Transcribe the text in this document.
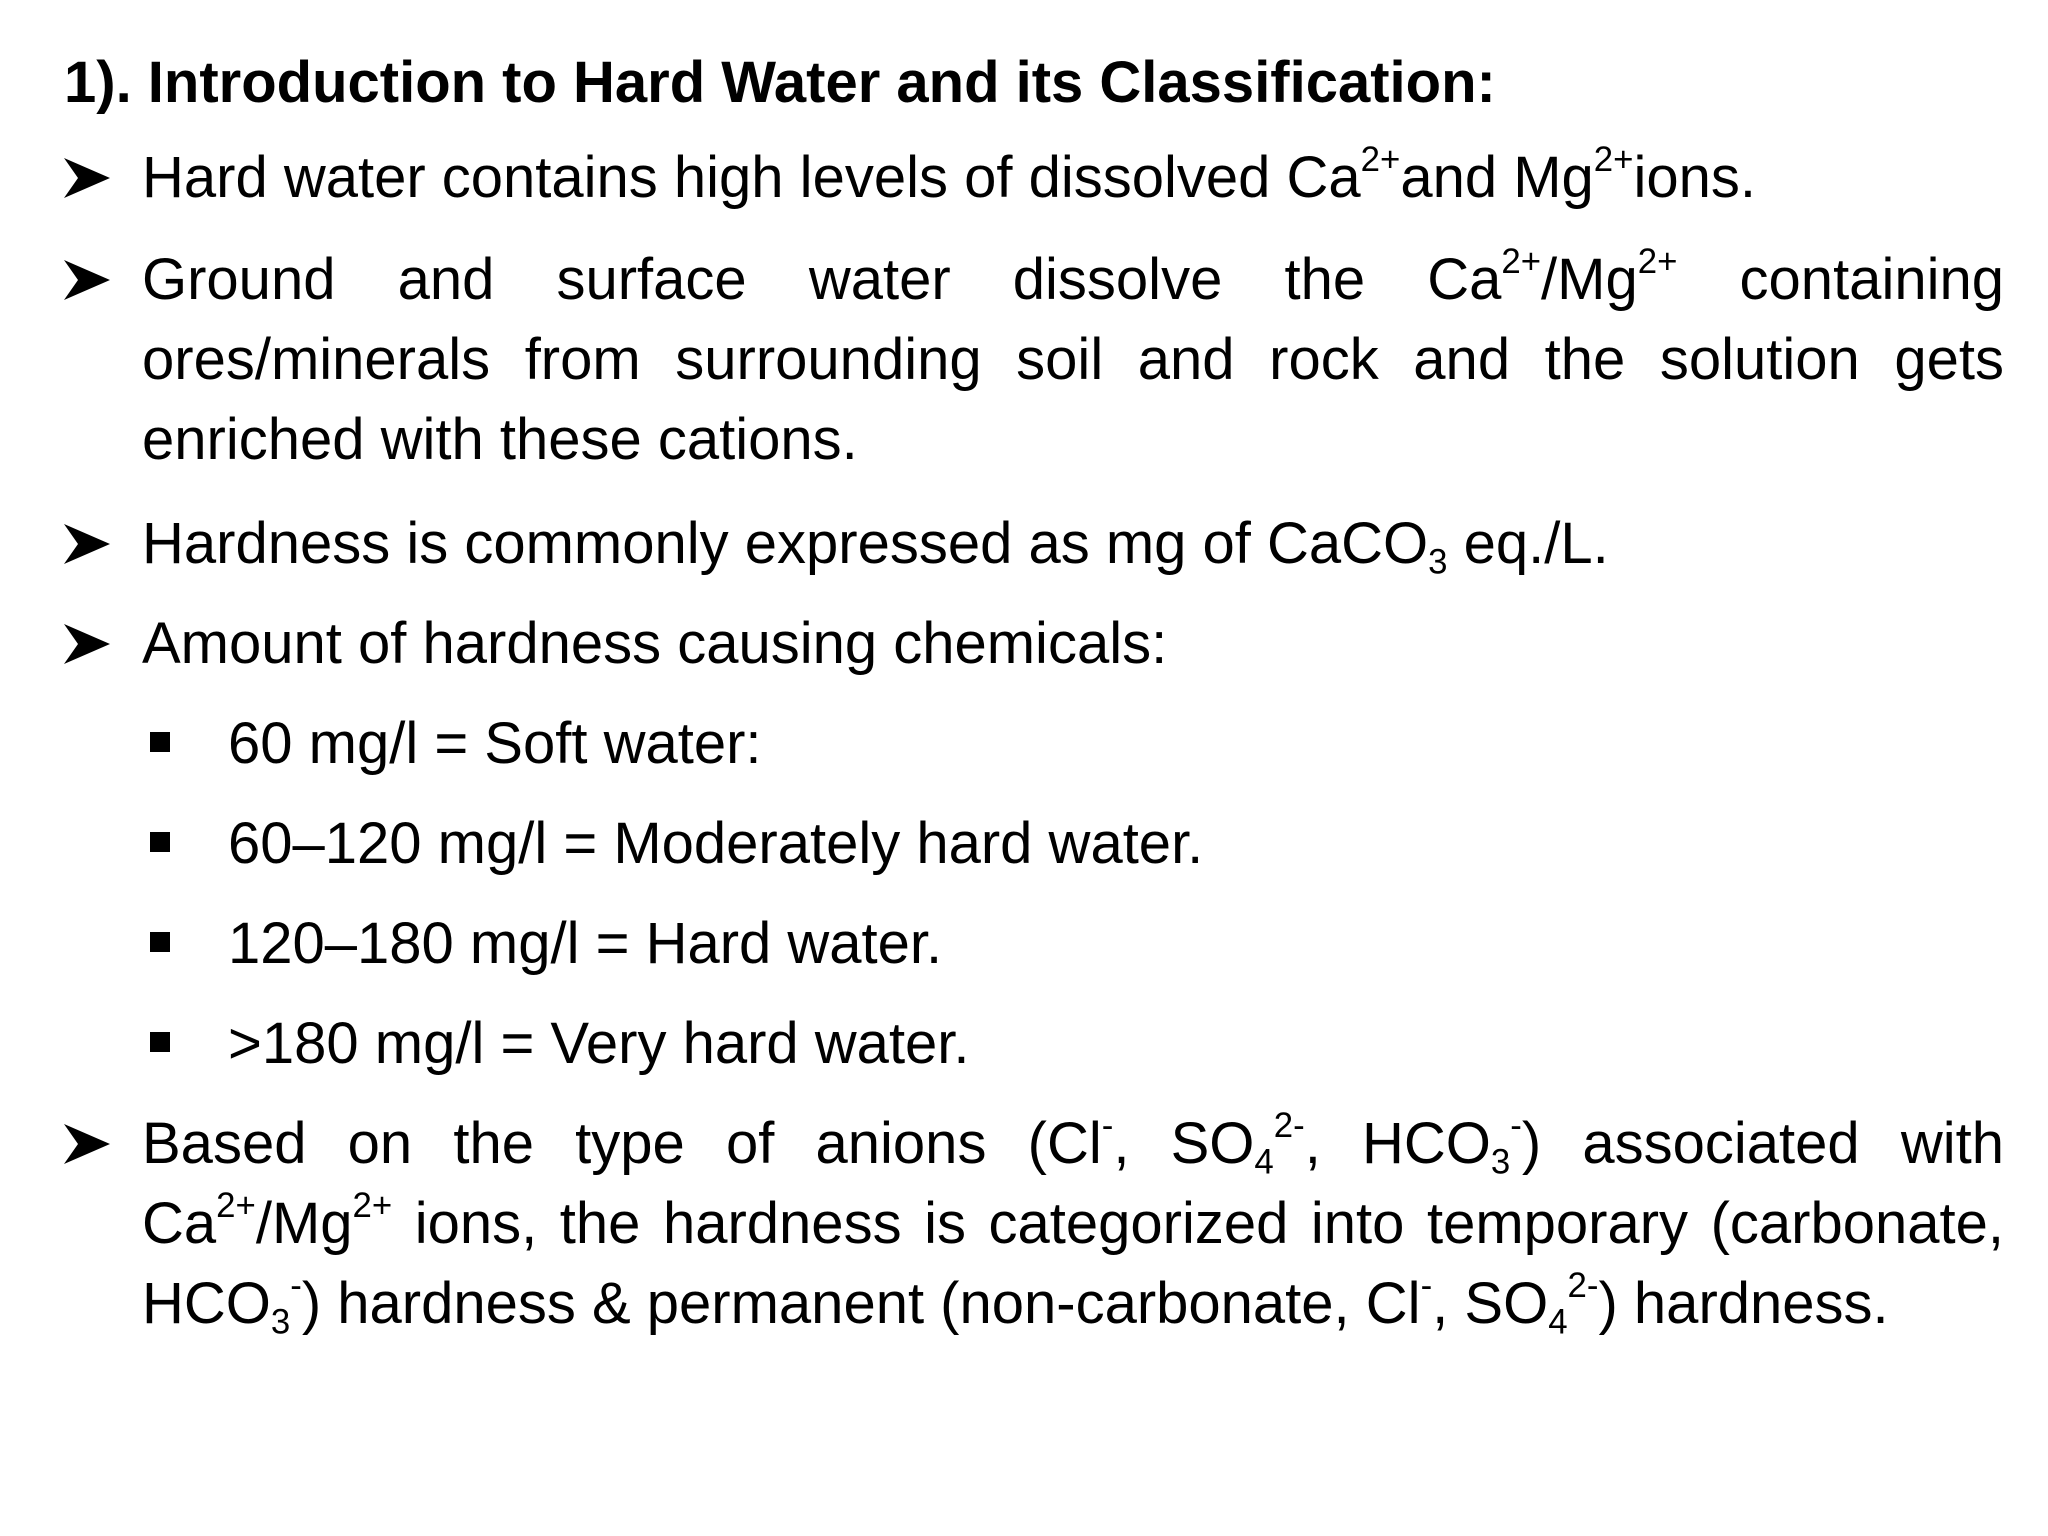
1). Introduction to Hard Water and its Classification:
Hard water contains high levels of dissolved $Ca^{2+}and$ $Mg^{2+}ions$.
Ground and surface water dissolve the $Ca^{2+}/Mg^{2+}$ containing ores/minerals from surrounding soil and rock and the solution gets enriched with these cations.
Hardness is commonly expressed as mg of CaCO$_3$ eq./L.
Amount of hardness causing chemicals:
60 mg/l = Soft water:
60–120 mg/l = Moderately hard water.
120–180 mg/l = Hard water.
>180 mg/l = Very hard water.
Based on the type of anions (Cl-, $SO_4^{2-}$, $HCO_3^-$) associated with $Ca^{2+}/Mg^{2+}$ ions, the hardness is categorized into temporary (carbonate, $HCO_3^-$) hardness & permanent (non-carbonate, Cl-, $SO_4^{2-}$) hardness.
